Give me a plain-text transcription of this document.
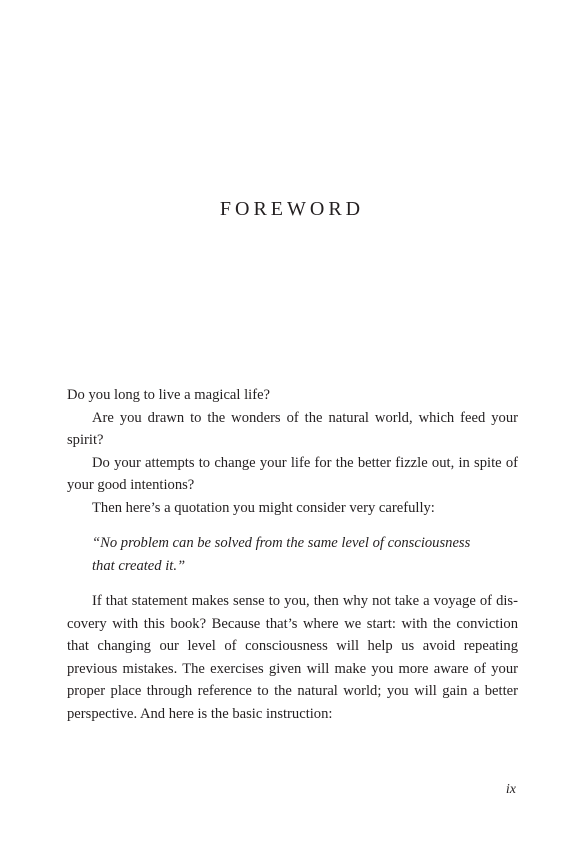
FOREWORD

Do you long to live a magical life?

Are you drawn to the wonders of the natural world, which feed your spirit?

Do your attempts to change your life for the better fizzle out, in spite of your good intentions?

Then here’s a quotation you might consider very carefully:

“No problem can be solved from the same level of consciousness that created it.”

If that statement makes sense to you, then why not take a voyage of discovery with this book? Because that’s where we start: with the conviction that changing our level of consciousness will help us avoid repeating previous mistakes. The exercises given will make you more aware of your proper place through reference to the natural world; you will gain a better perspective. And here is the basic instruction:

ix
